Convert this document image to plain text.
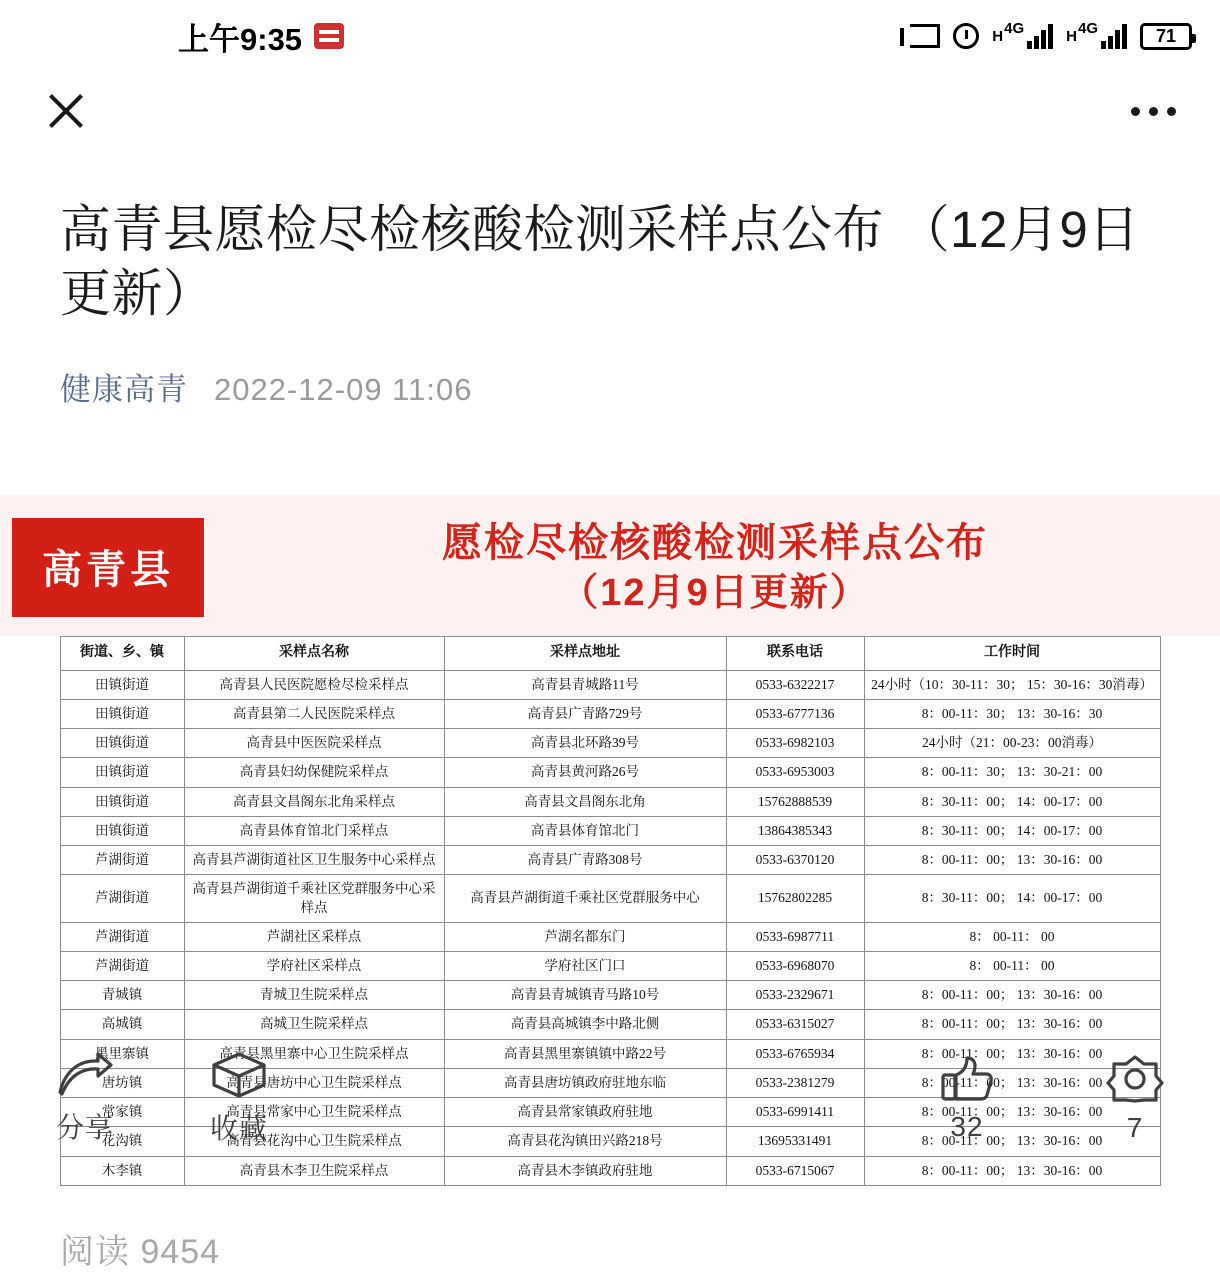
上午9:35	H 4G	H 4G	71
高青县愿检尽检核酸检测采样点公布 （12月9日更新）
健康高青 2022-12-09 11:06
高青县
愿检尽检核酸检测采样点公布
（12月9日更新）
街道、乡、镇	采样点名称	采样点地址	联系电话	工作时间
田镇街道	高青县人民医院愿检尽检采样点	高青县青城路11号	0533-6322217	24小时（10：30-11：30； 15：30-16：30消毒）
田镇街道	高青县第二人民医院采样点	高青县广青路729号	0533-6777136	8：00-11：30； 13：30-16：30
田镇街道	高青县中医医院采样点	高青县北环路39号	0533-6982103	24小时（21：00-23：00消毒）
田镇街道	高青县妇幼保健院采样点	高青县黄河路26号	0533-6953003	8：00-11：30； 13：30-21：00
田镇街道	高青县文昌阁东北角采样点	高青县文昌阁东北角	15762888539	8：30-11：00； 14：00-17：00
田镇街道	高青县体育馆北门采样点	高青县体育馆北门	13864385343	8：30-11：00； 14：00-17：00
芦湖街道	高青县芦湖街道社区卫生服务中心采样点	高青县广青路308号	0533-6370120	8：00-11：00； 13：30-16：00
芦湖街道	高青县芦湖街道千乘社区党群服务中心采样点	高青县芦湖街道千乘社区党群服务中心	15762802285	8：30-11：00； 14：00-17：00
芦湖街道	芦湖社区采样点	芦湖名都东门	0533-6987711	8： 00-11： 00
芦湖街道	学府社区采样点	学府社区门口	0533-6968070	8： 00-11： 00
青城镇	青城卫生院采样点	高青县青城镇青马路10号	0533-2329671	8：00-11：00； 13：30-16：00
高城镇	高城卫生院采样点	高青县高城镇李中路北侧	0533-6315027	8：00-11：00； 13：30-16：00
黑里寨镇	高青县黑里寨中心卫生院采样点	高青县黑里寨镇镇中路22号	0533-6765934	8：00-11：00； 13：30-16：00
唐坊镇	高青县唐坊中心卫生院采样点	高青县唐坊镇政府驻地东临	0533-2381279	8：00-11：00； 13：30-16：00
常家镇	高青县常家中心卫生院采样点	高青县常家镇政府驻地	0533-6991411	8：00-11：00； 13：30-16：00
花沟镇	高青县花沟中心卫生院采样点	高青县花沟镇田兴路218号	13695331491	8：00-11：00； 13：30-16：00
木李镇	高青县木李卫生院采样点	高青县木李镇政府驻地	0533-6715067	8：00-11：00； 13：30-16：00
阅读 9454
分享	收藏	32	7
